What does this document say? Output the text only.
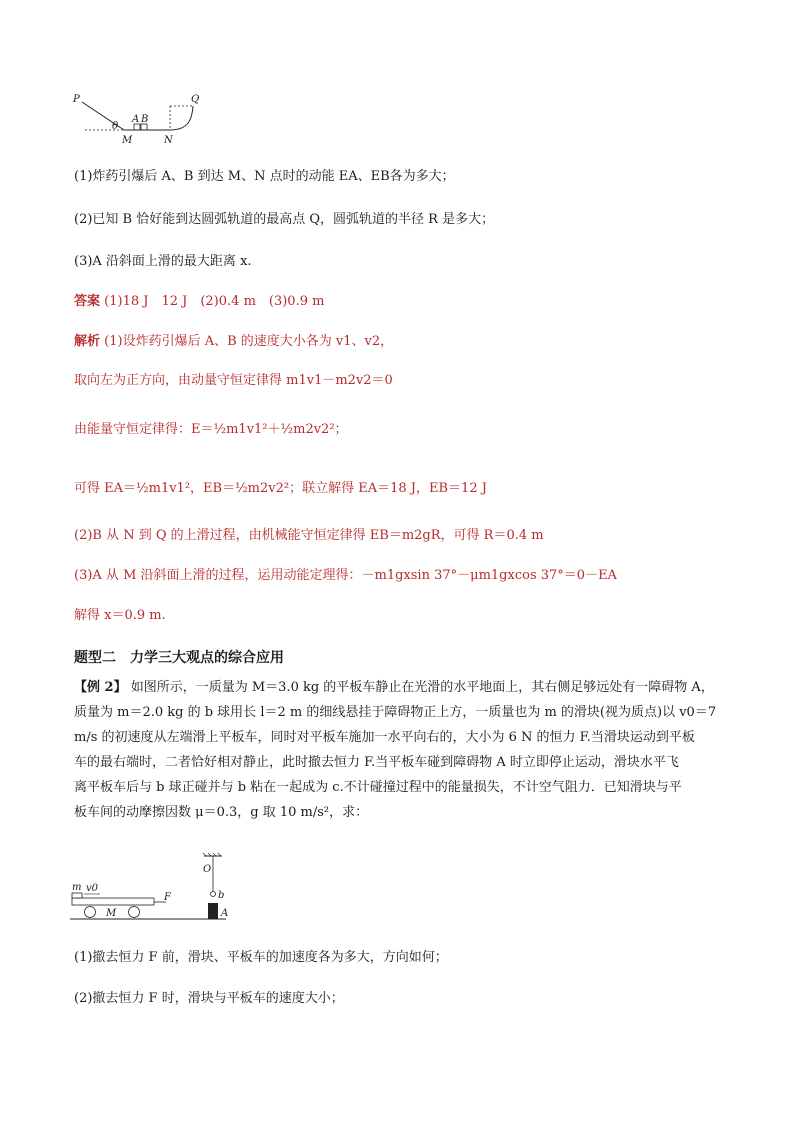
P	Q
A B
θ
M	N
(1)炸药引爆后 A、B 到达 M、N 点时的动能 EA、EB各为多大；
(2)已知 B 恰好能到达圆弧轨道的最高点 Q，圆弧轨道的半径 R 是多大；
(3)A 沿斜面上滑的最大距离 x.
答案 (1)18 J　12 J　(2)0.4 m　(3)0.9 m
解析 (1)设炸药引爆后 A、B 的速度大小各为 v1、v2，
取向左为正方向，由动量守恒定律得 m1v1－m2v2＝0
由能量守恒定律得：E＝½m1v1²＋½m2v2²；
可得 EA＝½m1v1²，EB＝½m2v2²；联立解得 EA＝18 J，EB＝12 J
(2)B 从 N 到 Q 的上滑过程，由机械能守恒定律得 EB＝m2gR，可得 R＝0.4 m
(3)A 从 M 沿斜面上滑的过程，运用动能定理得：－m1gxsin 37°－μm1gxcos 37°＝0－EA
解得 x＝0.9 m.
题型二　力学三大观点的综合应用
【例 2】 如图所示，一质量为 M＝3.0 kg 的平板车静止在光滑的水平地面上，其右侧足够远处有一障碍物 A，
质量为 m＝2.0 kg 的 b 球用长 l＝2 m 的细线悬挂于障碍物正上方，一质量也为 m 的滑块(视为质点)以 v0＝7
m/s 的初速度从左端滑上平板车，同时对平板车施加一水平向右的，大小为 6 N 的恒力 F.当滑块运动到平板
车的最右端时，二者恰好相对静止，此时撤去恒力 F.当平板车碰到障碍物 A 时立即停止运动，滑块水平飞
离平板车后与 b 球正碰并与 b 粘在一起成为 c.不计碰撞过程中的能量损失，不计空气阻力．已知滑块与平
板车间的动摩擦因数 μ＝0.3，g 取 10 m/s²，求：
m v0
M
F
O
b
A
(1)撤去恒力 F 前，滑块、平板车的加速度各为多大，方向如何；
(2)撤去恒力 F 时，滑块与平板车的速度大小；
